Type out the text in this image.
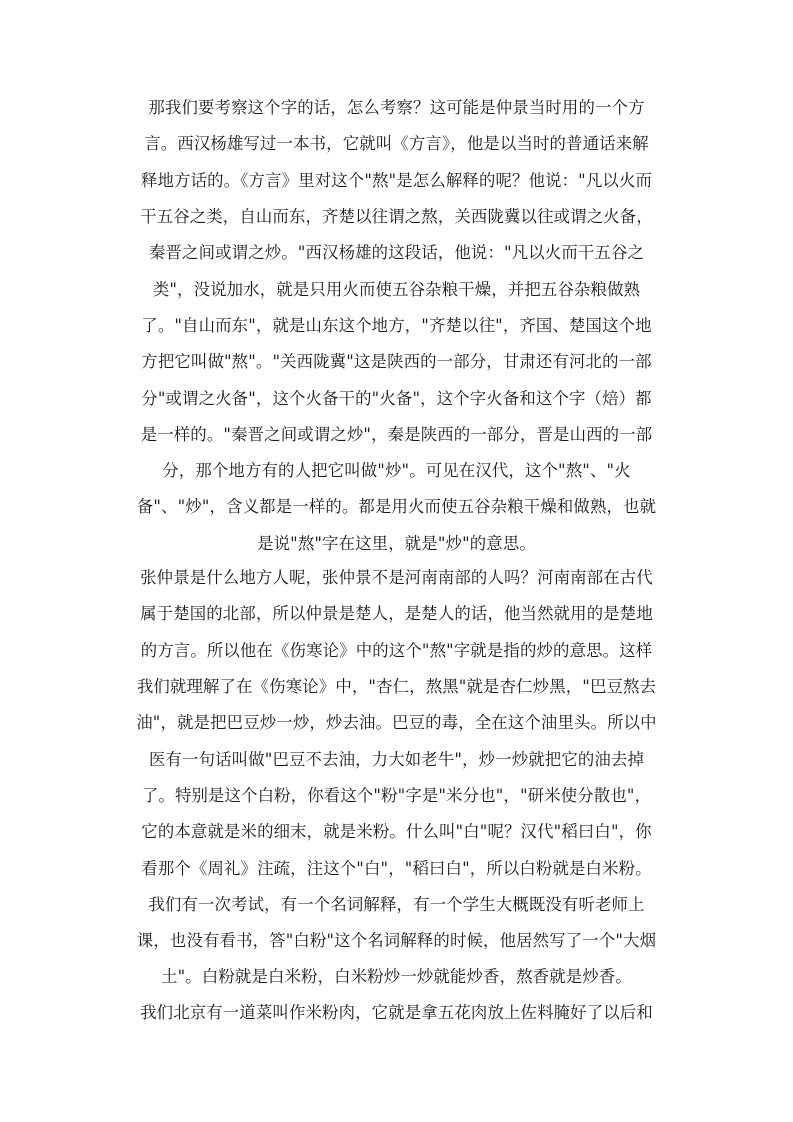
那我们要考察这个字的话，怎么考察？这可能是仲景当时用的一个方
言。西汉杨雄写过一本书，它就叫《方言》，他是以当时的普通话来解
释地方话的。《方言》里对这个"熬"是怎么解释的呢？他说："凡以火而
干五谷之类，自山而东，齐楚以往谓之熬，关西陇冀以往或谓之火备，
秦晋之间或谓之炒。"西汉杨雄的这段话，他说："凡以火而干五谷之
类"，没说加水，就是只用火而使五谷杂粮干燥，并把五谷杂粮做熟
了。"自山而东"，就是山东这个地方，"齐楚以往"，齐国、楚国这个地
方把它叫做"熬"。"关西陇冀"这是陕西的一部分，甘肃还有河北的一部
分"或谓之火备"，这个火备干的"火备"，这个字火备和这个字（焙）都
是一样的。"秦晋之间或谓之炒"，秦是陕西的一部分，晋是山西的一部
分，那个地方有的人把它叫做"炒"。可见在汉代，这个"熬"、"火
备"、"炒"，含义都是一样的。都是用火而使五谷杂粮干燥和做熟，也就
是说"熬"字在这里，就是"炒"的意思。
张仲景是什么地方人呢，张仲景不是河南南部的人吗？河南南部在古代
属于楚国的北部，所以仲景是楚人，是楚人的话，他当然就用的是楚地
的方言。所以他在《伤寒论》中的这个"熬"字就是指的炒的意思。这样
我们就理解了在《伤寒论》中，"杏仁，熬黑"就是杏仁炒黑，"巴豆熬去
油"，就是把巴豆炒一炒，炒去油。巴豆的毒，全在这个油里头。所以中
医有一句话叫做"巴豆不去油，力大如老牛"，炒一炒就把它的油去掉
了。特别是这个白粉，你看这个"粉"字是"米分也"，"研米使分散也"，
它的本意就是米的细末，就是米粉。什么叫"白"呢？汉代"稻曰白"，你
看那个《周礼》注疏，注这个"白"，"稻曰白"，所以白粉就是白米粉。
我们有一次考试，有一个名词解释，有一个学生大概既没有听老师上
课，也没有看书，答"白粉"这个名词解释的时候，他居然写了一个"大烟
土"。白粉就是白米粉，白米粉炒一炒就能炒香，熬香就是炒香。
我们北京有一道菜叫作米粉肉，它就是拿五花肉放上佐料腌好了以后和
